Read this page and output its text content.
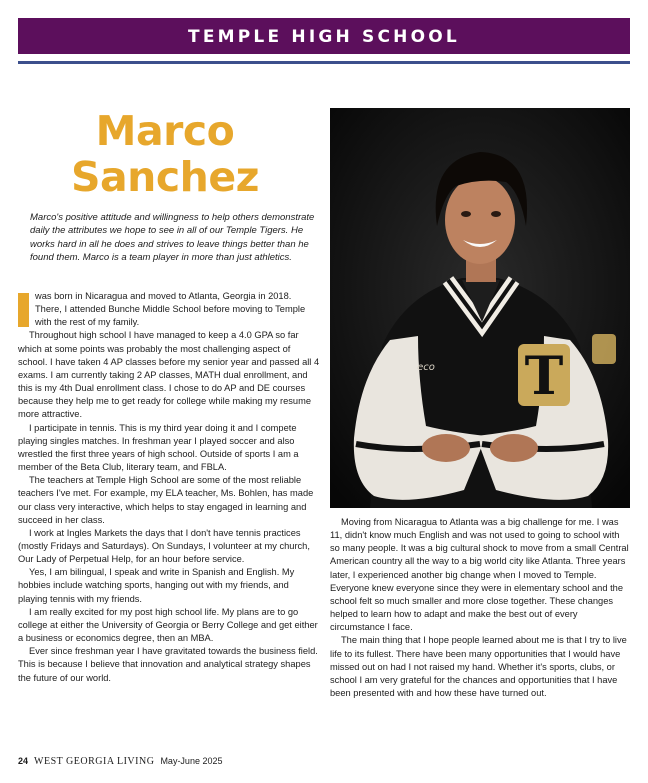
TEMPLE HIGH SCHOOL
Marco
Sanchez
Marco's positive attitude and willingness to help others demonstrate daily the attributes we hope to see in all of our Temple Tigers. He works hard in all he does and strives to leave things better than he found them. Marco is a team player in more than just athletics.

was born in Nicaragua and moved to Atlanta, Georgia in 2018. There, I attended Bunche Middle School before moving to Temple with the rest of my family.

Throughout high school I have managed to keep a 4.0 GPA so far which at some points was probably the most challenging aspect of school. I have taken 4 AP classes before my senior year and passed all 4 exams. I am currently taking 2 AP classes, MATH dual enrollment, and this is my 4th Dual enrollment class. I chose to do AP and DE courses because they help me to get ready for college while making my resume more attractive.

I participate in tennis. This is my third year doing it and I compete playing singles matches. In freshman year I played soccer and also wrestled the first three years of high school. Outside of sports I am a member of the Beta Club, literary team, and FBLA.

The teachers at Temple High School are some of the most reliable teachers I've met. For example, my ELA teacher, Ms. Bohlen, has made our class very interactive, which helps to stay engaged in learning and succeed in her class.

I work at Ingles Markets the days that I don't have tennis practices (mostly Fridays and Saturdays). On Sundays, I volunteer at my church, Our Lady of Perpetual Help, for an hour before service.

Yes, I am bilingual, I speak and write in Spanish and English. My hobbies include watching sports, hanging out with my friends, and playing tennis with my friends.

I am really excited for my post high school life. My plans are to go college at either the University of Georgia or Berry College and get either a business or economics degree, then an MBA.

Ever since freshman year I have gravitated towards the business field. This is because I believe that innovation and analytical strategy shapes the future of our world.

T
eco

Moving from Nicaragua to Atlanta was a big challenge for me. I was 11, didn't know much English and was not used to going to school with so many people. It was a big cultural shock to move from a small Central American country all the way to a big world city like Atlanta. Three years later, I experienced another big change when I moved to Temple. Everyone knew everyone since they were in elementary school and the school felt so much smaller and more close together. These changes helped to learn how to adapt and make the best out of every circumstance I face.

The main thing that I hope people learned about me is that I try to live life to its fullest. There have been many opportunities that I would have missed out on had I not raised my hand. Whether it's sports, clubs, or school I am very grateful for the chances and opportunities that I have been presented with and how these have turned out.

24 WEST GEORGIA LIVING May-June 2025
